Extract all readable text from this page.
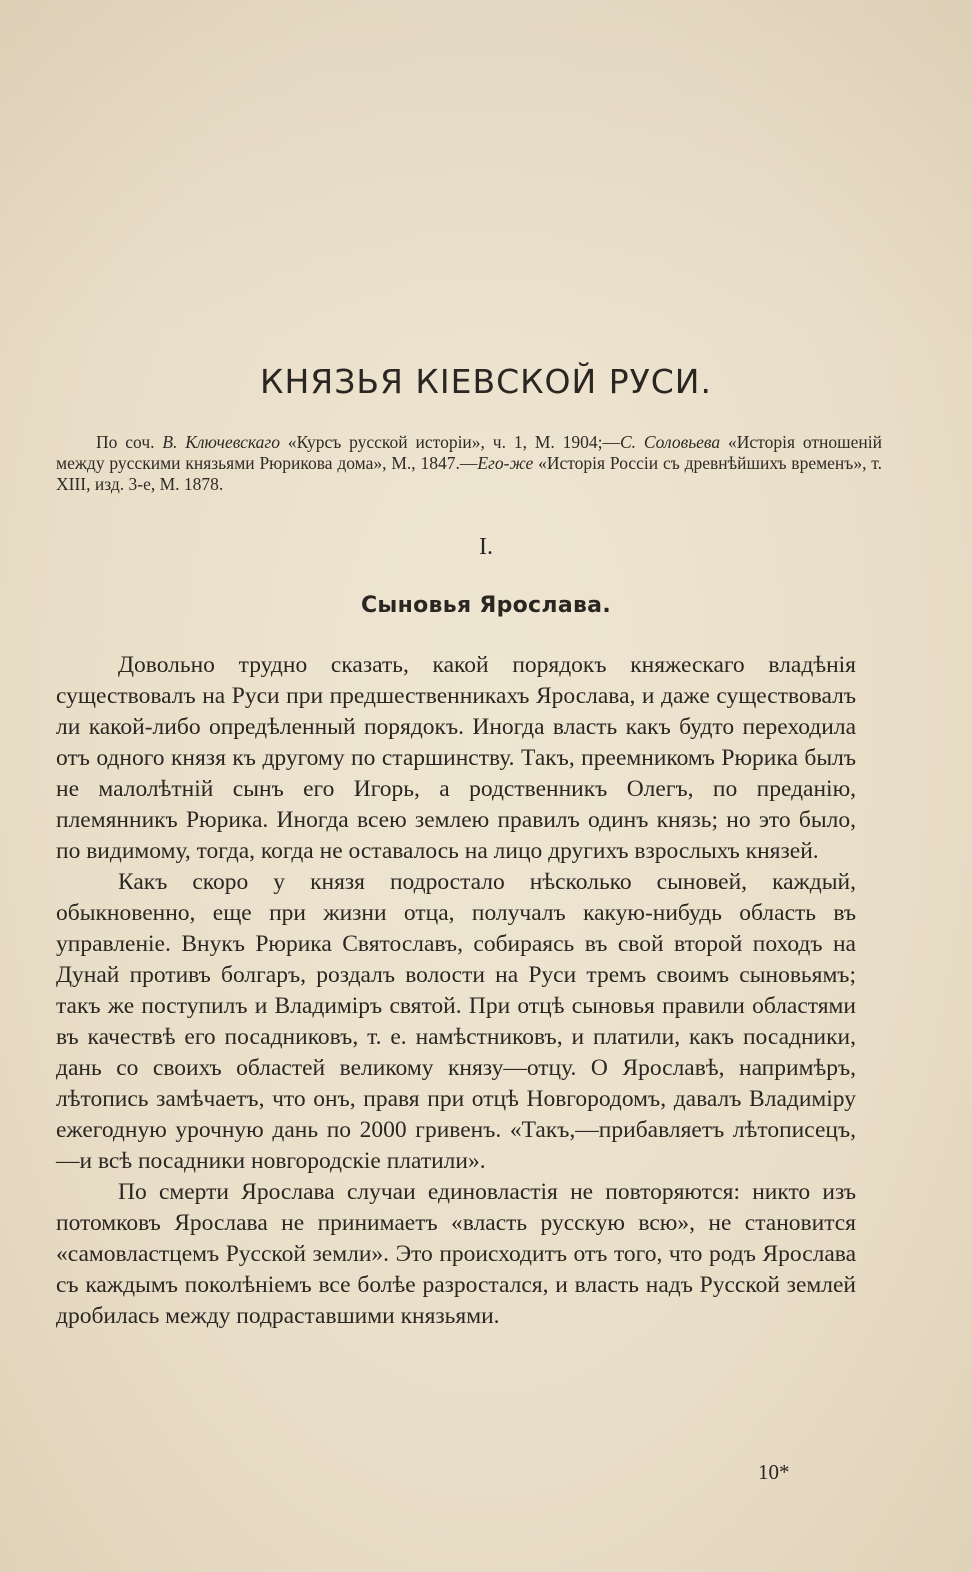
КНЯЗЬЯ КІЕВСКОЙ РУСИ.
По соч. В. Ключевскаго «Курсъ русской исторіи», ч. 1, М. 1904;—С. Соловьева «Исторія отношеній между русскими князьями Рюрикова дома», М., 1847.—Его-же «Исторія Россіи съ древнѣйшихъ временъ», т. XIII, изд. 3-е, М. 1878.
I.
Сыновья Ярослава.

Довольно трудно сказать, какой порядокъ княжескаго владѣнія существовалъ на Руси при предшественникахъ Ярослава, и даже существовалъ ли какой-либо опредѣленный порядокъ. Иногда власть какъ будто переходила отъ одного князя къ другому по старшинству. Такъ, преемникомъ Рюрика былъ не малолѣтній сынъ его Игорь, а родственникъ Олегъ, по преданію, племянникъ Рюрика. Иногда всею землею правилъ одинъ князь; но это было, по видимому, тогда, когда не оставалось на лицо другихъ взрослыхъ князей.

Какъ скоро у князя подростало нѣсколько сыновей, каждый, обыкновенно, еще при жизни отца, получалъ какую-нибудь область въ управленіе. Внукъ Рюрика Святославъ, собираясь въ свой второй походъ на Дунай противъ болгаръ, роздалъ волости на Руси тремъ своимъ сыновьямъ; такъ же поступилъ и Владиміръ святой. При отцѣ сыновья правили областями въ качествѣ его посадниковъ, т. е. намѣстниковъ, и платили, какъ посадники, дань со своихъ областей великому князу—отцу. О Ярославѣ, напримѣръ, лѣтопись замѣчаетъ, что онъ, правя при отцѣ Новгородомъ, давалъ Владиміру ежегодную урочную дань по 2000 гривенъ. «Такъ,—прибавляетъ лѣтописецъ,—и всѣ посадники новгородскіе платили».

По смерти Ярослава случаи единовластія не повторяются: никто изъ потомковъ Ярослава не принимаетъ «власть русскую всю», не становится «самовластцемъ Русской земли». Это происходитъ отъ того, что родъ Ярослава съ каждымъ поколѣніемъ все болѣе разростался, и власть надъ Русской землей дробилась между подраставшими князьями.

10*
